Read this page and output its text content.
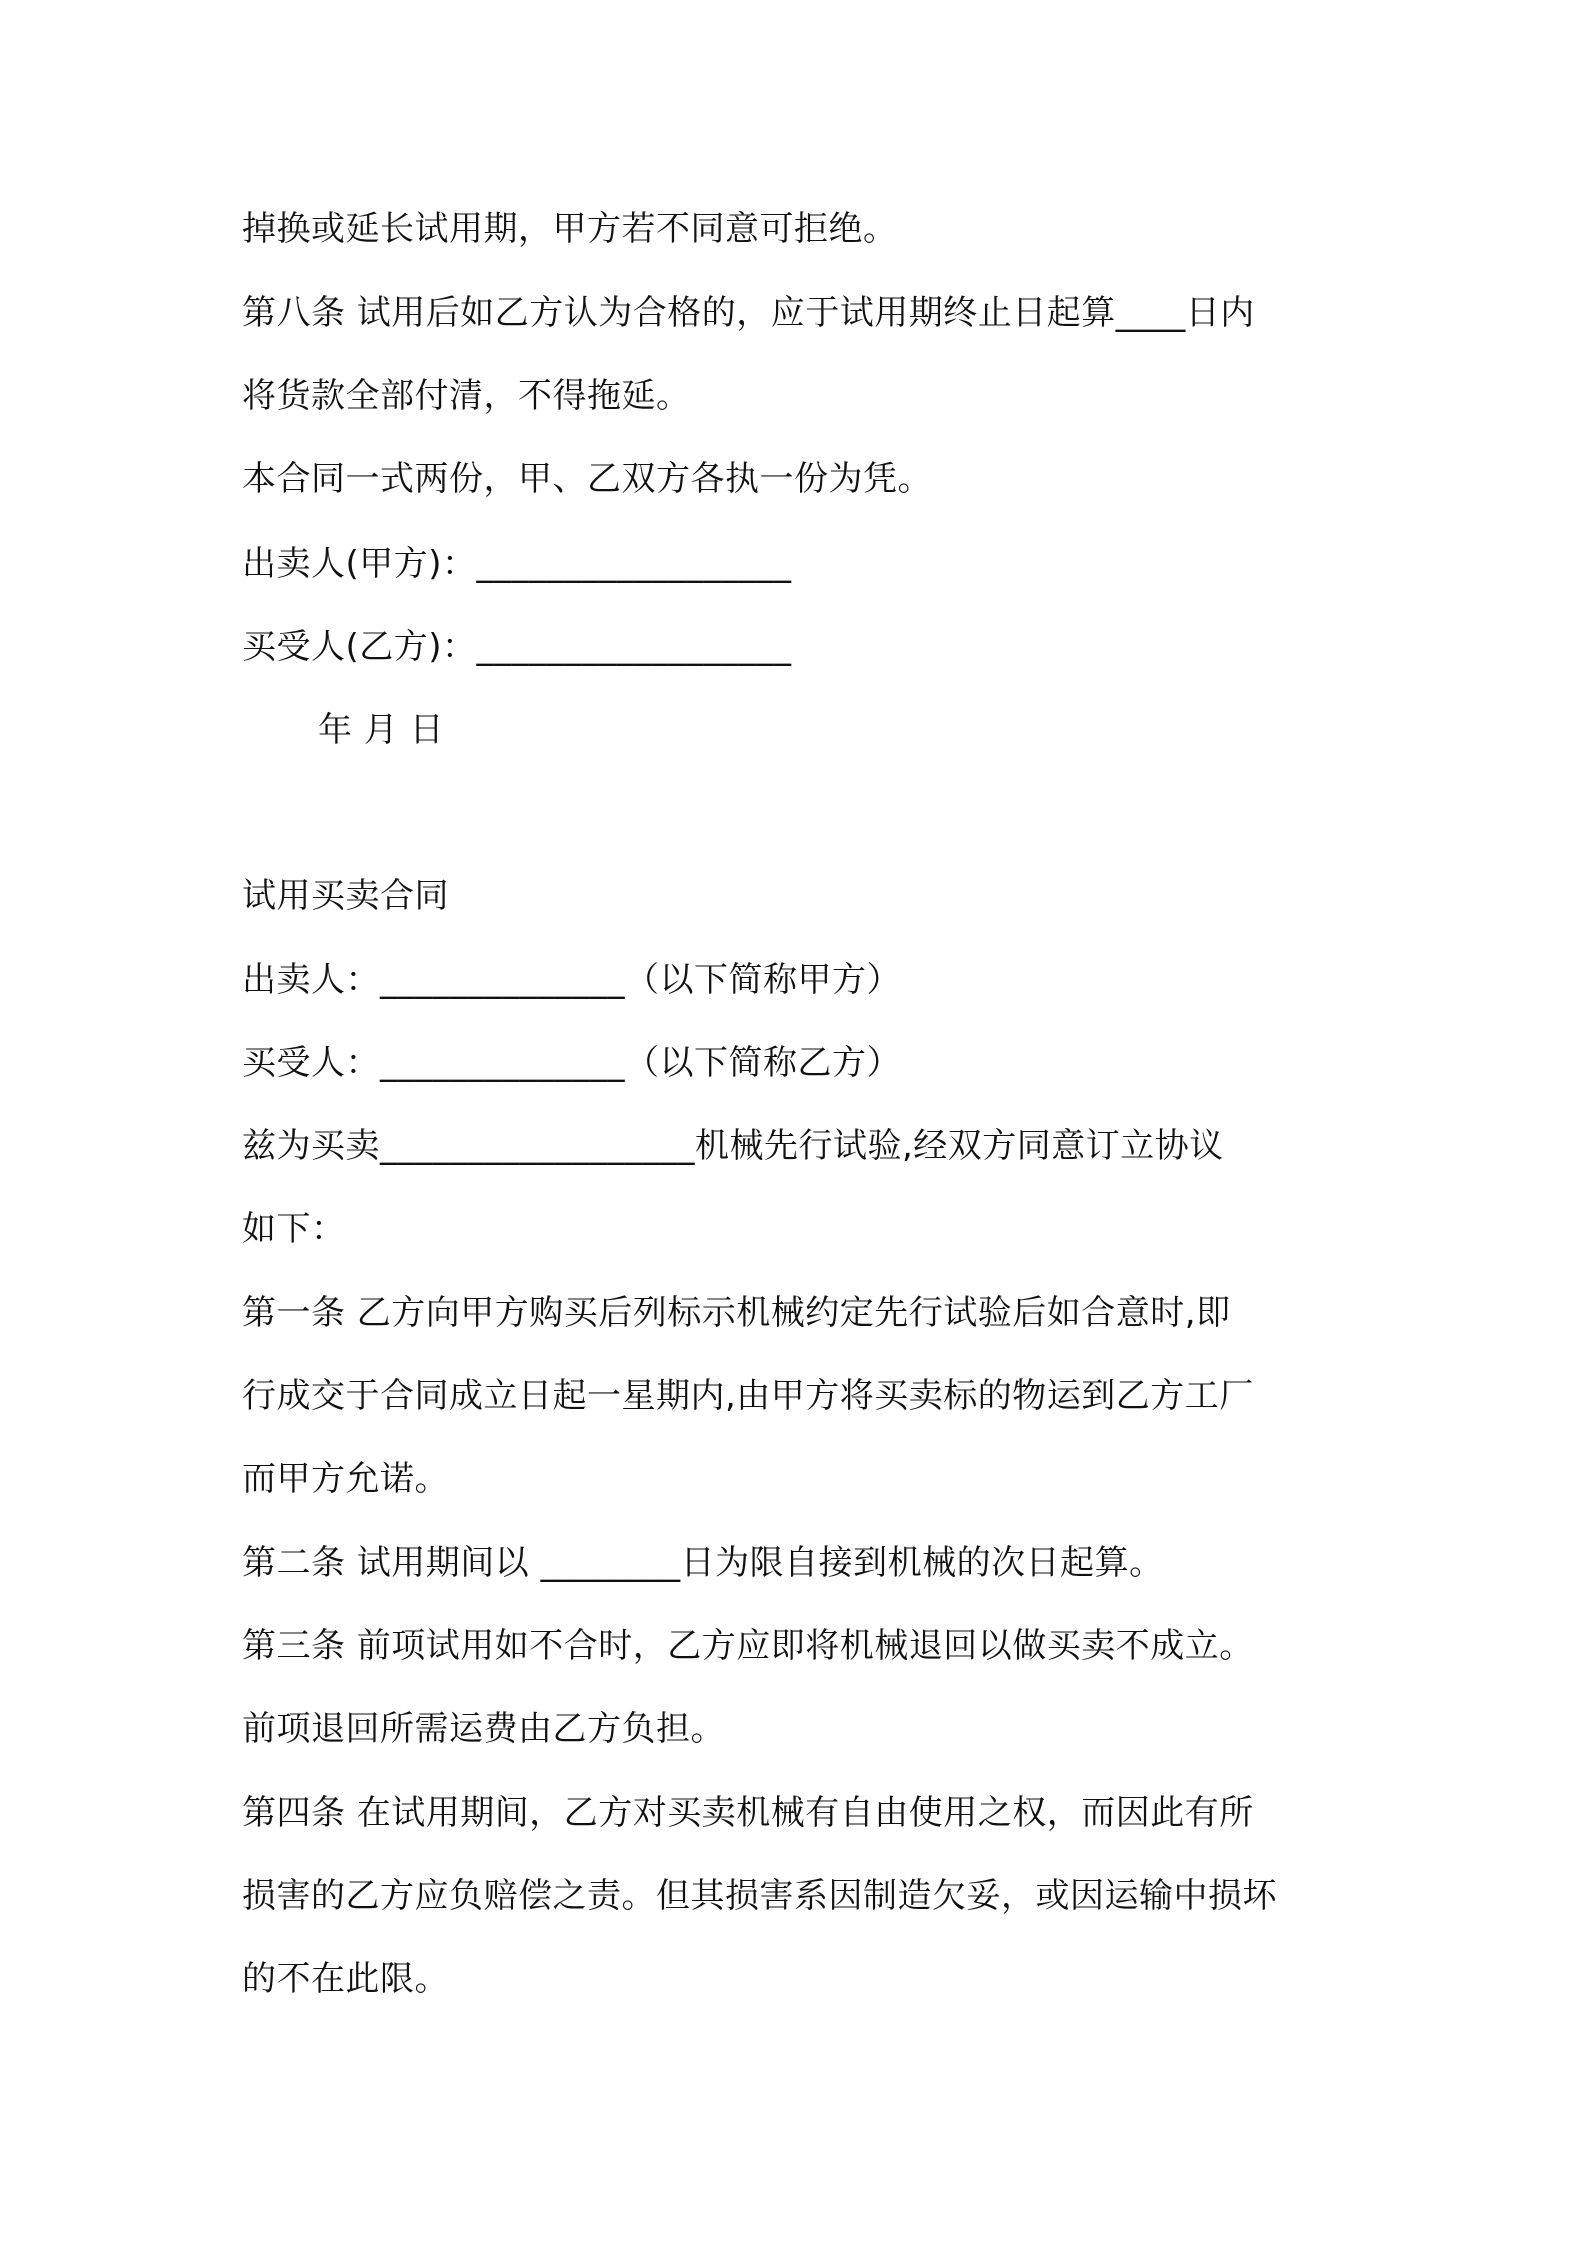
掉换或延长试用期，甲方若不同意可拒绝。
第八条 试用后如乙方认为合格的，应于试用期终止日起算____日内
将货款全部付清，不得拖延。
本合同一式两份，甲、乙双方各执一份为凭。
出卖人(甲方)：__________________
买受人(乙方)：__________________
年 月 日
试用买卖合同
出卖人：______________（以下简称甲方）
买受人：______________（以下简称乙方）
兹为买卖__________________机械先行试验,经双方同意订立协议
如下：
第一条 乙方向甲方购买后列标示机械约定先行试验后如合意时,即
行成交于合同成立日起一星期内,由甲方将买卖标的物运到乙方工厂
而甲方允诺。
第二条 试用期间以 ________日为限自接到机械的次日起算。
第三条 前项试用如不合时，乙方应即将机械退回以做买卖不成立。
前项退回所需运费由乙方负担。
第四条 在试用期间，乙方对买卖机械有自由使用之权，而因此有所
损害的乙方应负赔偿之责。但其损害系因制造欠妥，或因运输中损坏
的不在此限。
